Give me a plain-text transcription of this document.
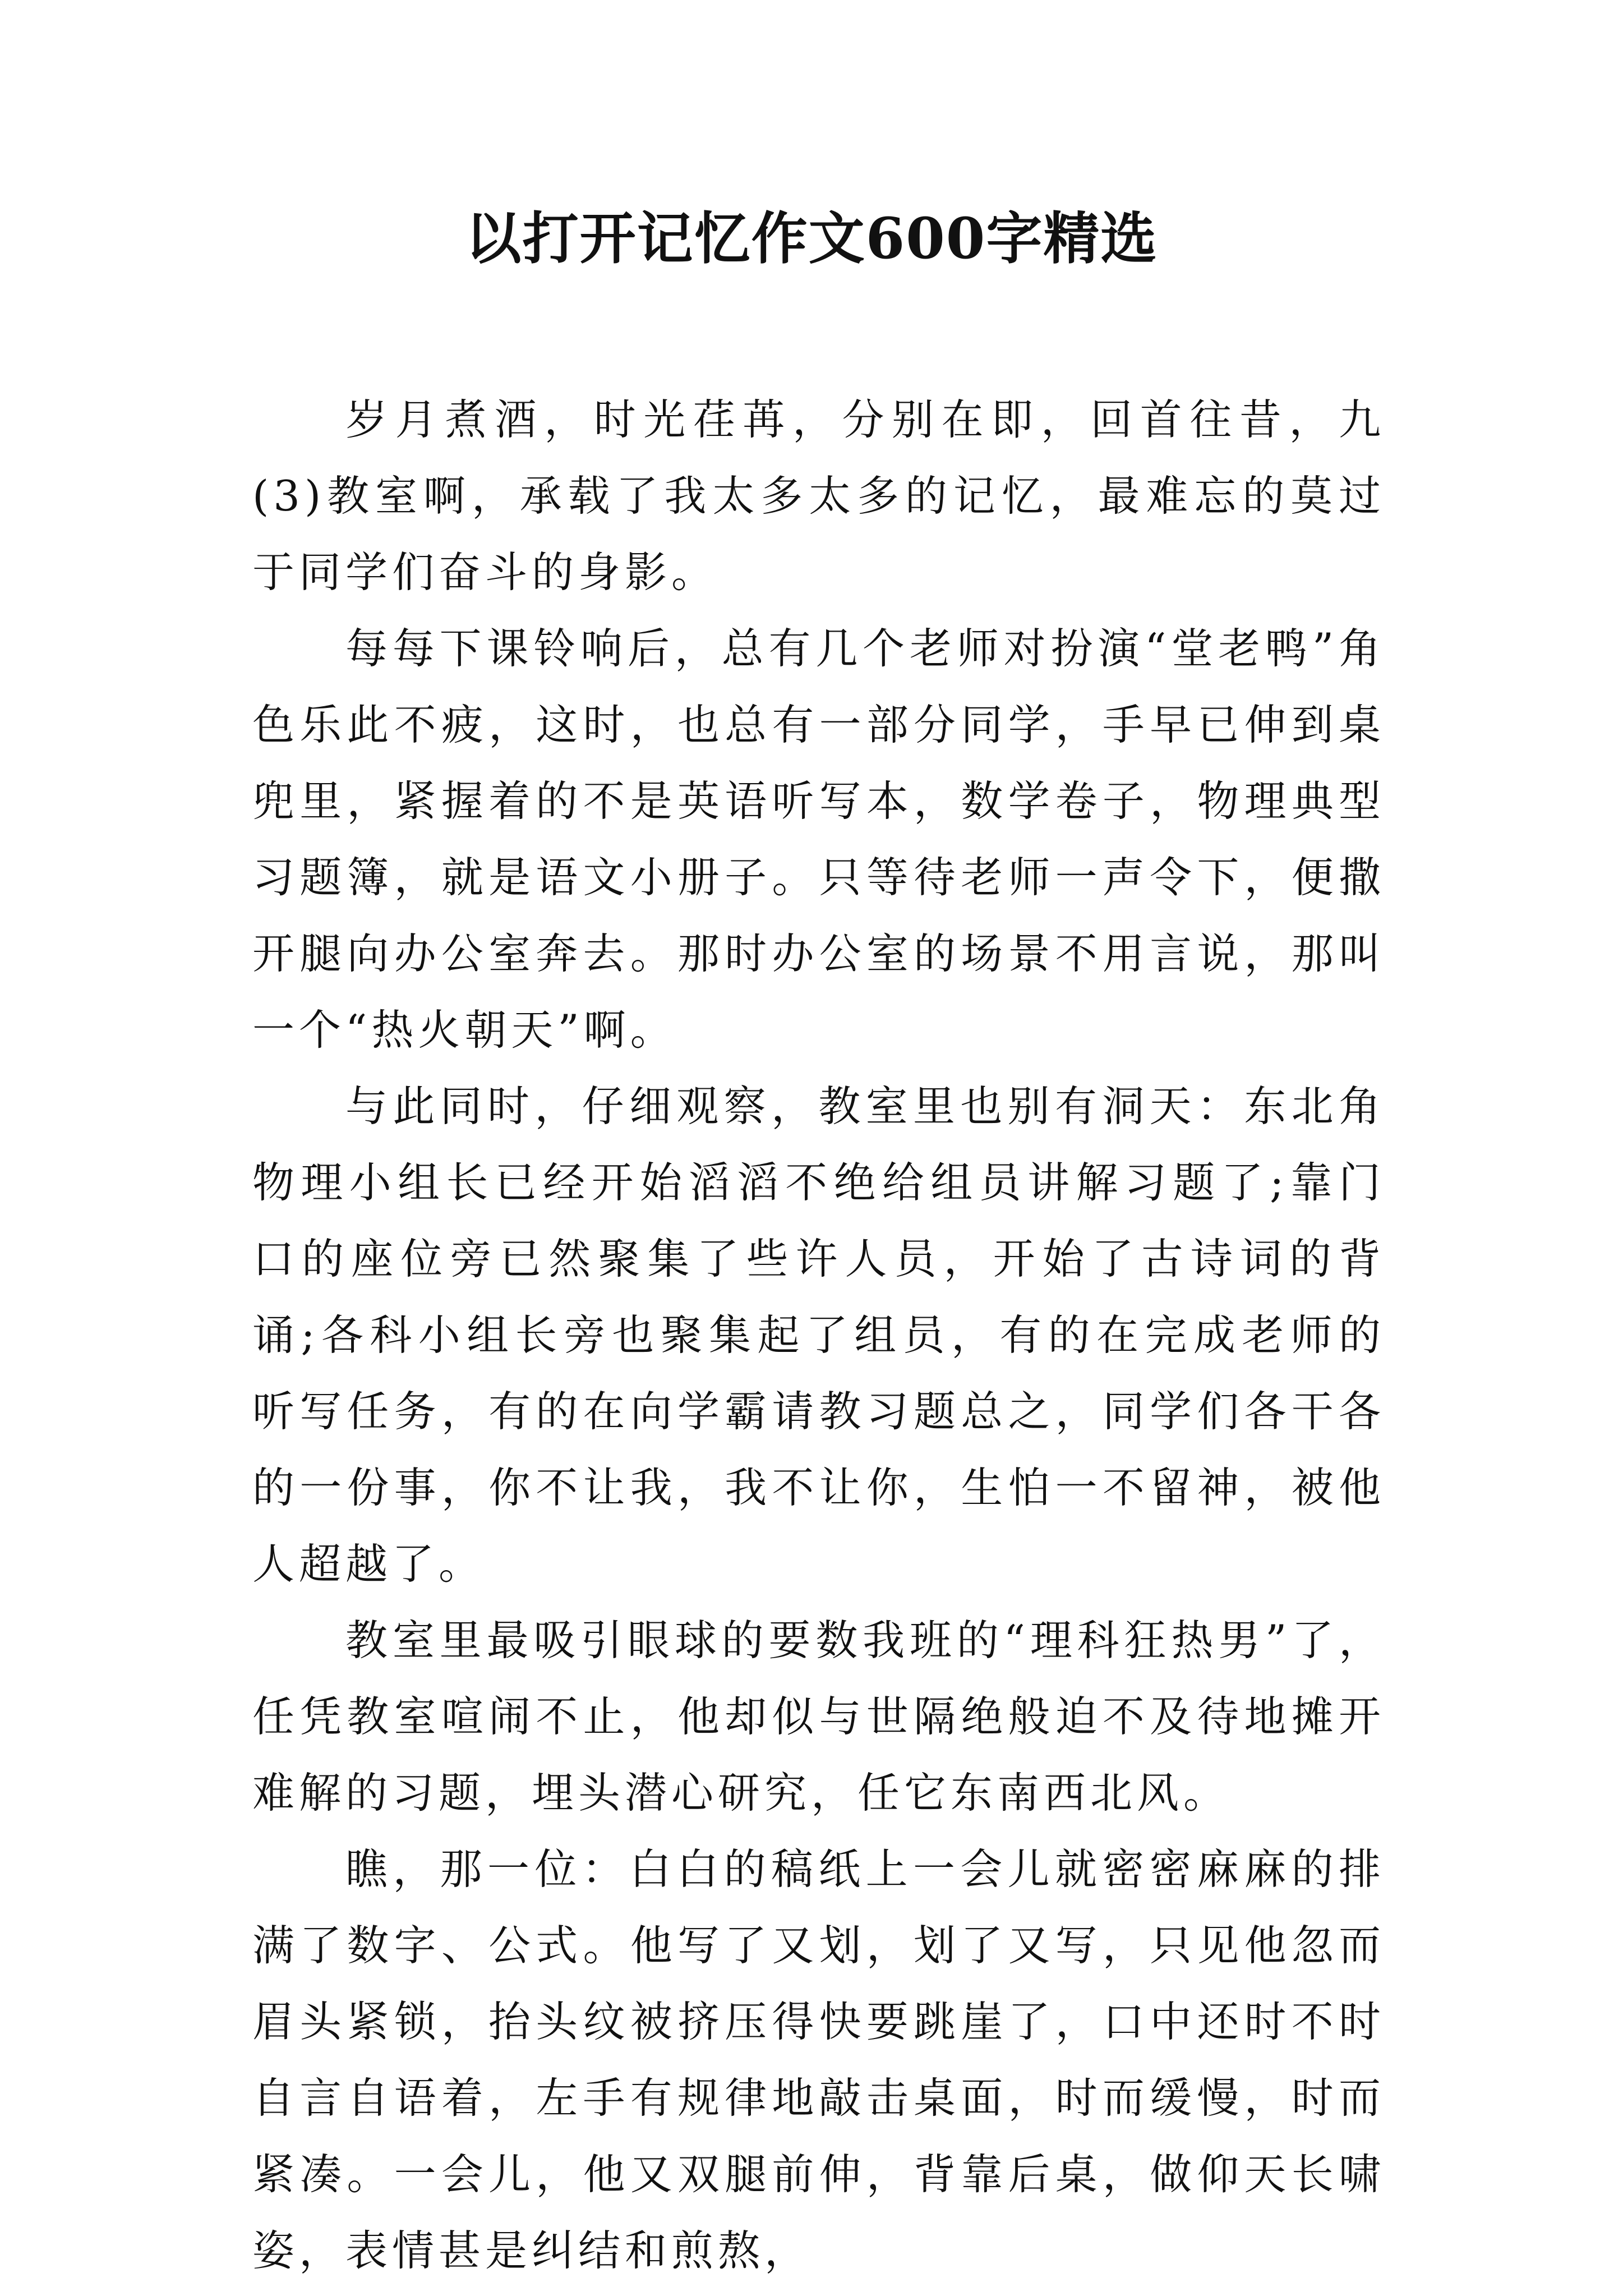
以打开记忆作文600字精选

岁月煮酒，时光荏苒，分别在即，回首往昔，九(3)教室啊，承载了我太多太多的记忆，最难忘的莫过于同学们奋斗的身影。

每每下课铃响后，总有几个老师对扮演“堂老鸭”角色乐此不疲，这时，也总有一部分同学，手早已伸到桌兜里，紧握着的不是英语听写本，数学卷子，物理典型习题簿，就是语文小册子。只等待老师一声令下，便撒开腿向办公室奔去。那时办公室的场景不用言说，那叫一个“热火朝天”啊。

与此同时，仔细观察，教室里也别有洞天：东北角物理小组长已经开始滔滔不绝给组员讲解习题了;靠门口的座位旁已然聚集了些许人员，开始了古诗词的背诵;各科小组长旁也聚集起了组员，有的在完成老师的听写任务，有的在向学霸请教习题总之，同学们各干各的一份事，你不让我，我不让你，生怕一不留神，被他人超越了。

教室里最吸引眼球的要数我班的“理科狂热男”了，任凭教室喧闹不止，他却似与世隔绝般迫不及待地摊开难解的习题，埋头潜心研究，任它东南西北风。

瞧，那一位：白白的稿纸上一会儿就密密麻麻的排满了数字、公式。他写了又划，划了又写，只见他忽而眉头紧锁，抬头纹被挤压得快要跳崖了，口中还时不时自言自语着，左手有规律地敲击桌面，时而缓慢，时而紧凑。一会儿，他又双腿前伸，背靠后桌，做仰天长啸姿，表情甚是纠结和煎熬，
